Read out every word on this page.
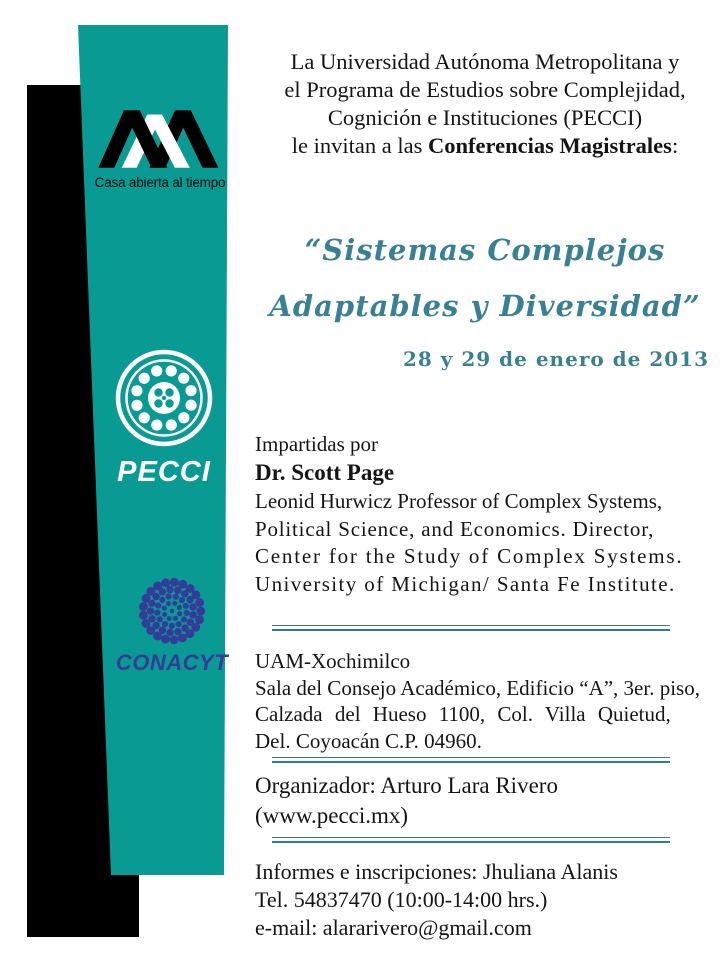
Casa abierta al tiempo
PECCI
CONACYT
La Universidad Autónoma Metropolitana y
el Programa de Estudios sobre Complejidad,
Cognición e Instituciones (PECCI)
le invitan a las Conferencias Magistrales:
“Sistemas Complejos
Adaptables y Diversidad”
28 y 29 de enero de 2013
Impartidas por
Dr. Scott Page
Leonid Hurwicz Professor of Complex Systems,
Political Science, and Economics. Director,
Center for the Study of Complex Systems.
University of Michigan/ Santa Fe Institute.
UAM-Xochimilco
Sala del Consejo Académico, Edificio “A”, 3er. piso,
Calzada del Hueso 1100, Col. Villa Quietud,
Del. Coyoacán C.P. 04960.
Organizador: Arturo Lara Rivero (www.pecci.mx)
Informes e inscripciones: Jhuliana Alanis
Tel. 54837470 (10:00-14:00 hrs.)
e-mail: alararivero@gmail.com
